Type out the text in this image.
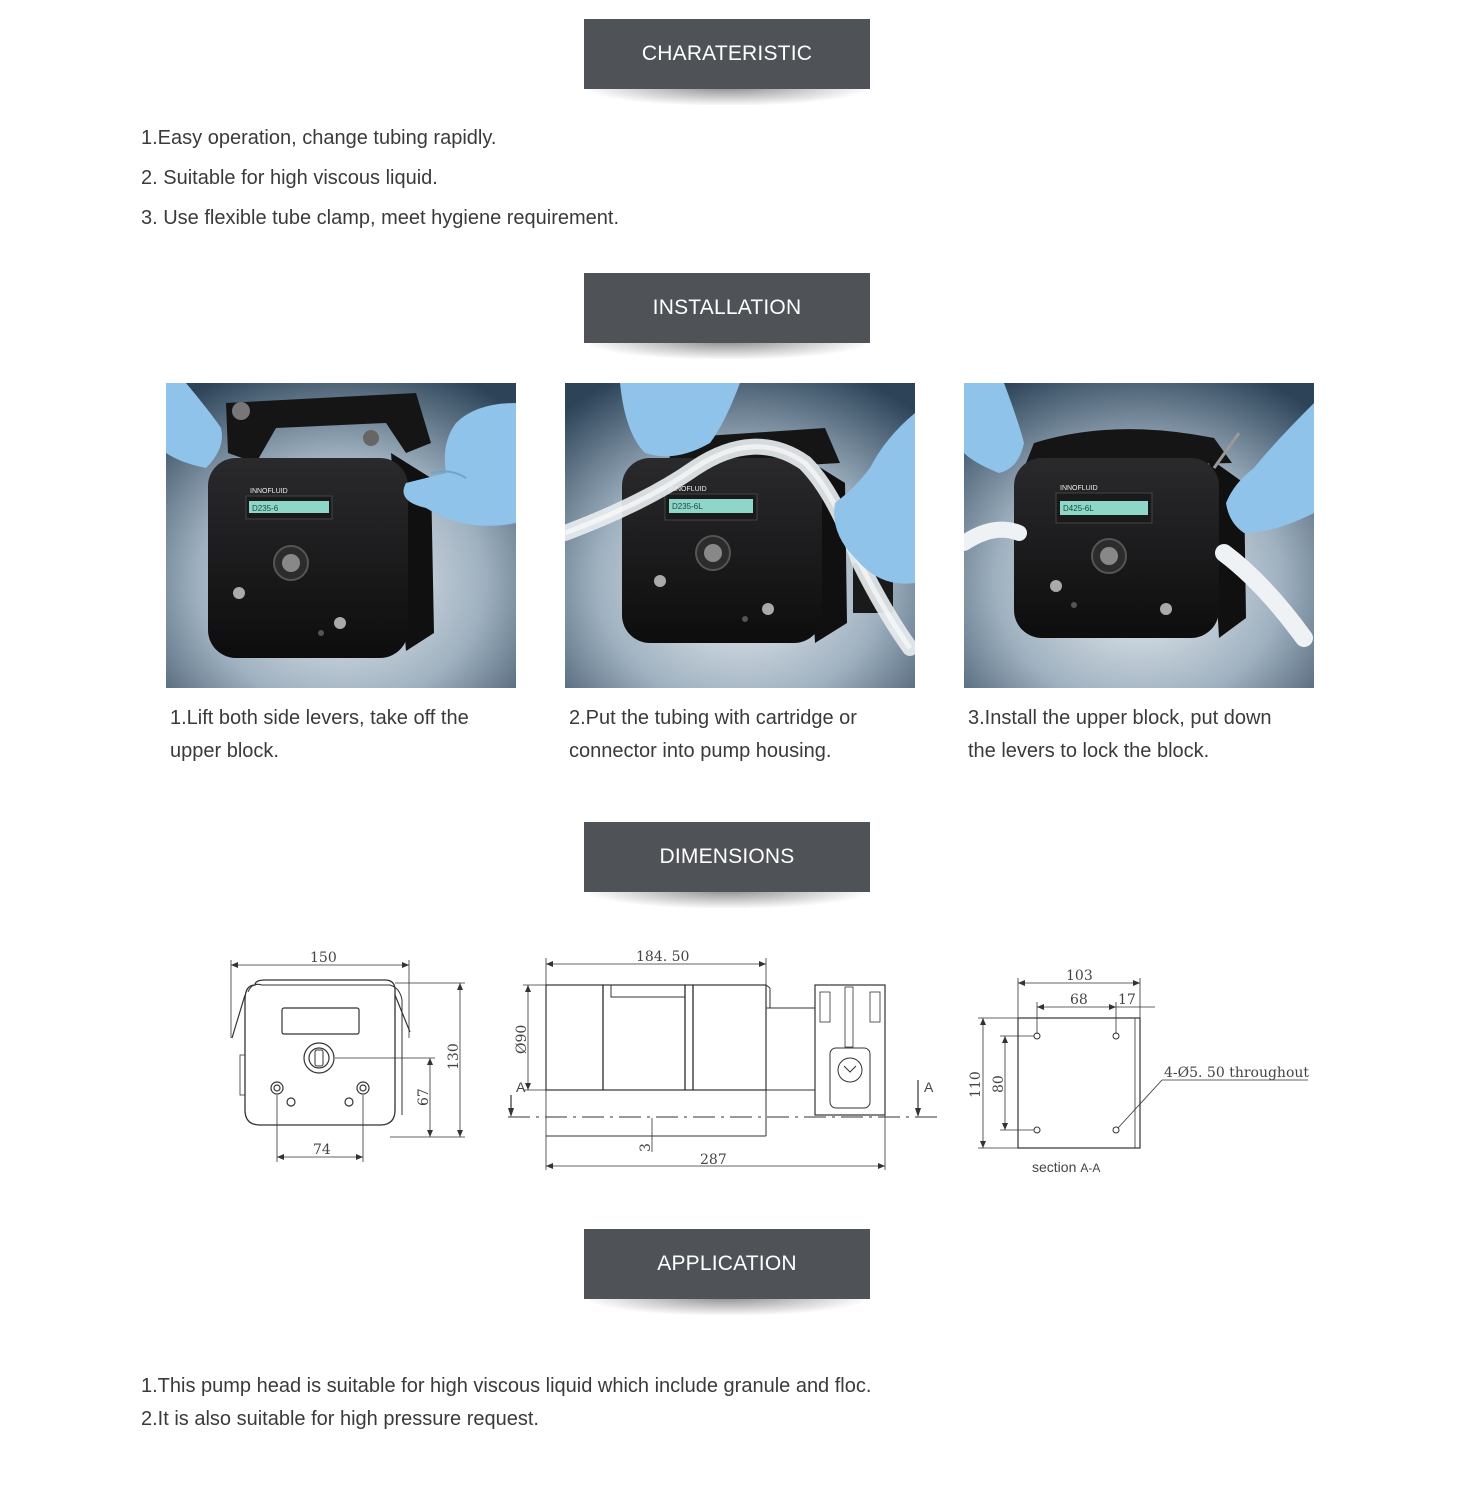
CHARATERISTIC
1.Easy operation, change tubing rapidly.
2. Suitable for high viscous liquid.
3. Use flexible tube clamp, meet hygiene requirement.
INSTALLATION
INNOFLUID
D235-6
INNOFLUID
D235-6L
INNOFLUID
D425-6L
1.Lift both side levers, take off the
upper block.
2.Put the tubing with cartridge or
connector into pump housing.
3.Install the upper block, put down
the levers to lock the block.
DIMENSIONS
150
130
67
74
184. 50
Ø90
A	A
3
287
103
68 17
110 80
4-Ø5. 50 throughout
section A-A
APPLICATION
1.This pump head is suitable for high viscous liquid which include granule and floc.
2.It is also suitable for high pressure request.
